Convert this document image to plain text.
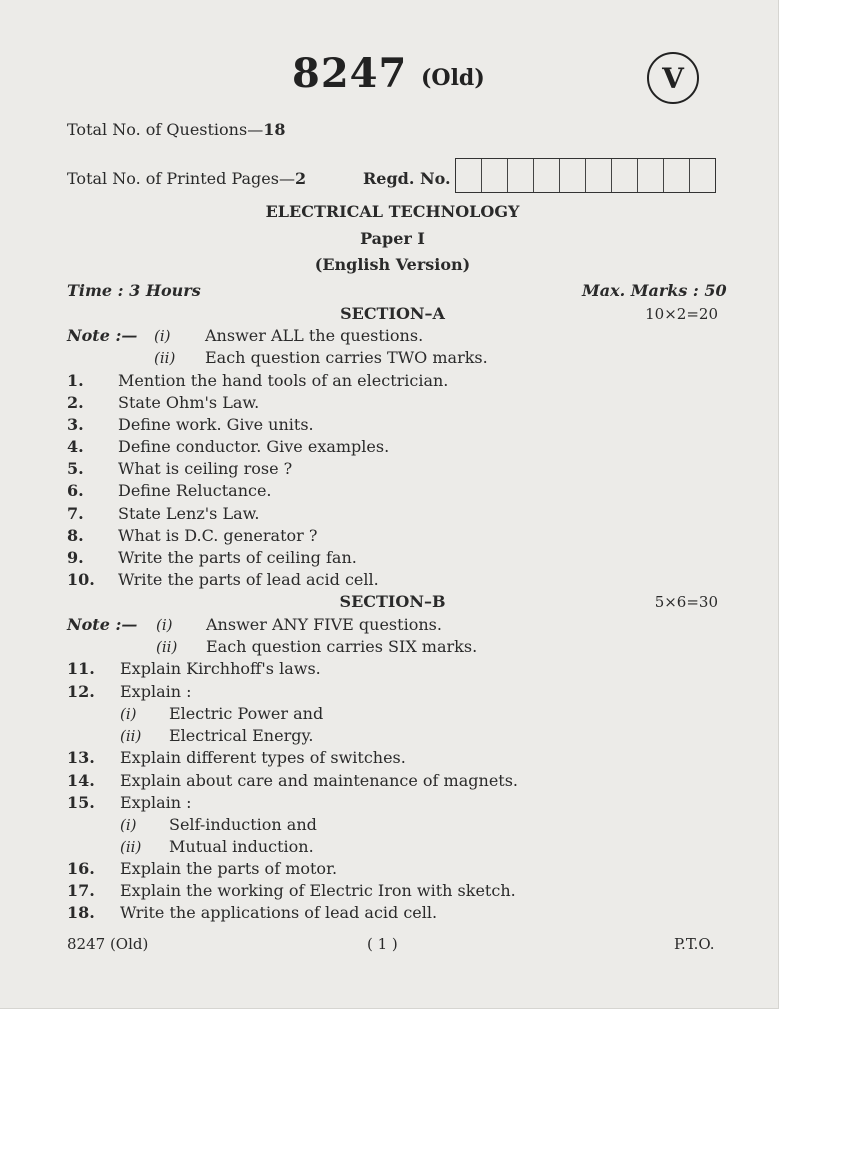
8247 (Old)	V
Total No. of Questions—18
Total No. of Printed Pages—2	Regd. No.
ELECTRICAL TECHNOLOGY
Paper I
(English Version)
Time : 3 Hours	Max. Marks : 50
SECTION–A	10×2=20
Note :— (i) Answer ALL the questions.
(ii) Each question carries TWO marks.
1. Mention the hand tools of an electrician.
2. State Ohm's Law.
3. Define work. Give units.
4. Define conductor. Give examples.
5. What is ceiling rose ?
6. Define Reluctance.
7. State Lenz's Law.
8. What is D.C. generator ?
9. Write the parts of ceiling fan.
10. Write the parts of lead acid cell.
SECTION–B	5×6=30
Note :— (i) Answer ANY FIVE questions.
(ii) Each question carries SIX marks.
11. Explain Kirchhoff's laws.
12. Explain :
(i) Electric Power and
(ii) Electrical Energy.
13. Explain different types of switches.
14. Explain about care and maintenance of magnets.
15. Explain :
(i) Self-induction and
(ii) Mutual induction.
16. Explain the parts of motor.
17. Explain the working of Electric Iron with sketch.
18. Write the applications of lead acid cell.
8247 (Old)	( 1 )	P.T.O.
